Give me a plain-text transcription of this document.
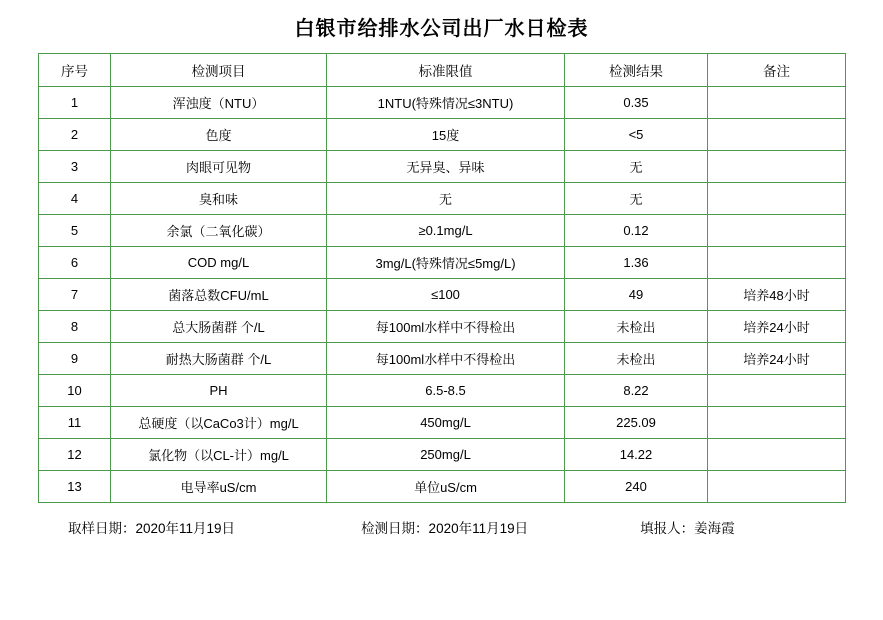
白银市给排水公司出厂水日检表
序号	检测项目	标准限值	检测结果	备注
1	浑浊度（NTU）	1NTU(特殊情况≤3NTU)	0.35	
2	色度	15度	<5	
3	肉眼可见物	无异臭、异味	无	
4	臭和味	无	无	
5	余氯（二氧化碳）	≥0.1mg/L	0.12	
6	COD mg/L	3mg/L(特殊情况≤5mg/L)	1.36	
7	菌落总数CFU/mL	≤100	49	培养48小时
8	总大肠菌群 个/L	每100ml水样中不得检出	未检出	培养24小时
9	耐热大肠菌群 个/L	每100ml水样中不得检出	未检出	培养24小时
10	PH	6.5-8.5	8.22	
11	总硬度（以CaCo3计）mg/L	450mg/L	225.09	
12	氯化物（以CL-计）mg/L	250mg/L	14.22	
13	电导率uS/cm	单位uS/cm	240	
取样日期：2020年11月19日	检测日期：2020年11月19日	填报人：姜海霞
